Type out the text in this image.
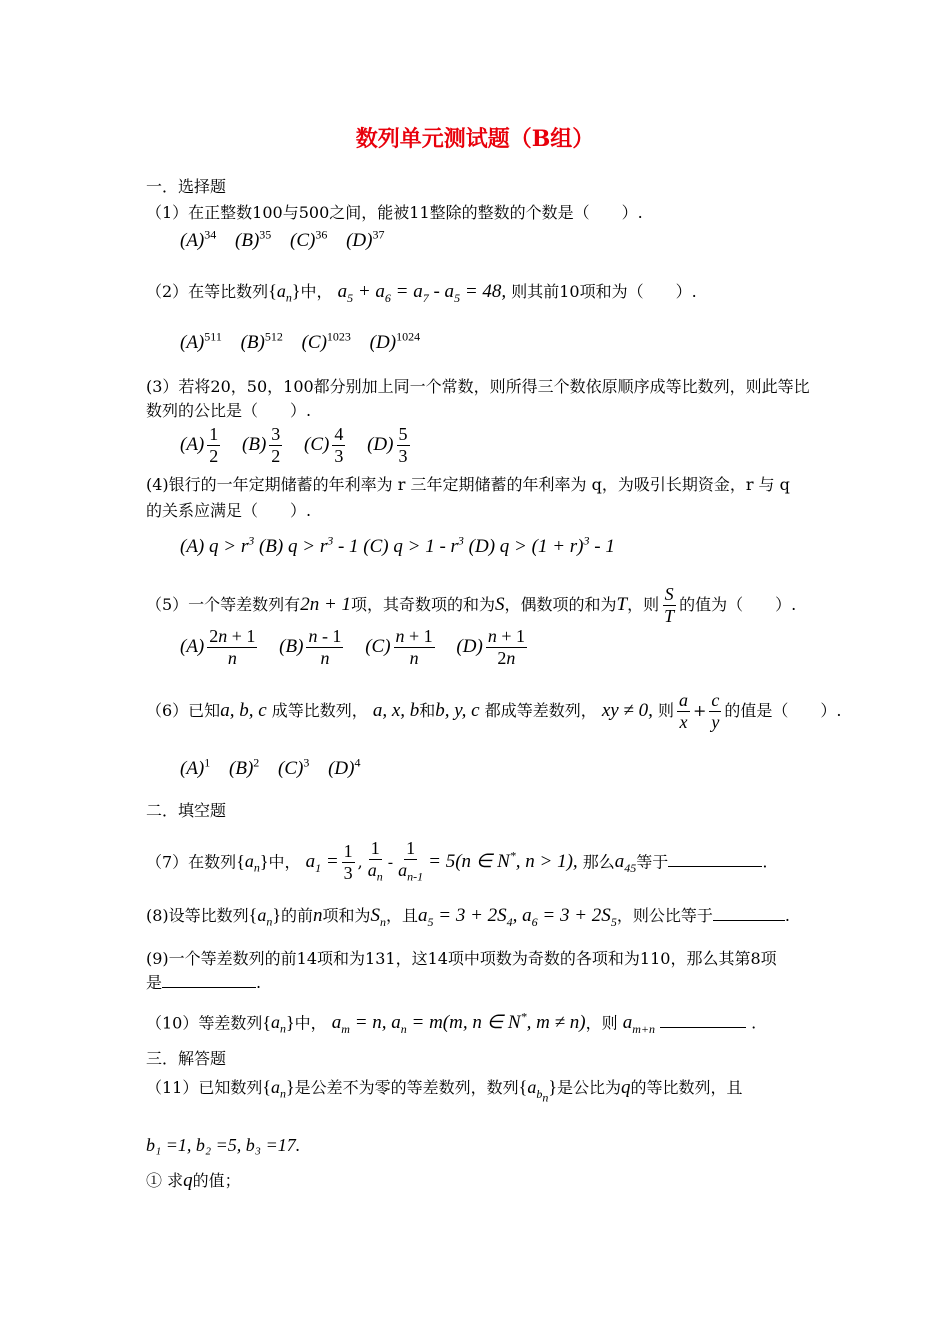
数列单元测试题（B组）
一．选择题
（1）在正整数100与500之间，能被11整除的整数的个数是（　　）.
$(A)^{34}$ $(B)^{35}$ $(C)^{36}$ $(D)^{37}$
（2）在等比数列$\{a_n\}$中， $a_5 + a_6 = a_7 - a_5 = 48$, 则其前10项和为（　　）.
$(A)^{511}$ $(B)^{512}$ $(C)^{1023}$ $(D)^{1024}$
(3）若将20，50，100都分别加上同一个常数，则所得三个数依原顺序成等比数列，则此等比
数列的公比是（　　）.
$(A) \frac{1}{2} (B) \frac{3}{2} (C) \frac{4}{3} (D) \frac{5}{3}$
(4)银行的一年定期储蓄的年利率为 r 三年定期储蓄的年利率为 q，为吸引长期资金，r 与 q
的关系应满足（　　）.
(A) $q > r^3$ (B) $q > r^3 - 1$ (C) $q > 1 - r^3$ (D) $q > (1 + r)^3 - 1$
（5）一个等差数列有2n + 1项，其奇数项的和为S，偶数项的和为T，则 $\frac{S}{T}$ 的值为（　　）.
$(A) \frac{2n + 1}{n} (B) \frac{n - 1}{n} (C) \frac{n + 1}{n} (D) \frac{n + 1}{2n}$
（6）已知a, b, c 成等比数列， a, x, b和b, y, c 都成等差数列， xy ≠ 0, 则 $\frac{a}{x} + \frac{c}{y}$ 的值是（　　）.
$(A)^1$ $(B)^2$ $(C)^3$ $(D)^4$
二．填空题
（7）在数列$\{a_n\}$中， $a_1 = \frac{1}{3}$ , $\frac{1}{a_n} - \frac{1}{a_{n-1}} = 5(n$ ∈ N*, n > 1), 那么$a_{45}$等于	.
(8)设等比数列$\{a_n\}$的前n项和为$S_n$，且$a_5 = 3 + 2S_4$, $a_6 = 3 + 2S_5$，则公比等于	.
(9)一个等差数列的前14项和为131，这14项中项数为奇数的各项和为110，那么其第8项
是	.
（10）等差数列$\{a_n\}$中， $a_m = n$, $a_n = m(m$, n ∈ N*, m ≠ n)，则 $a_{m+n}$	.
三．解答题
（11）已知数列$\{a_n\}$是公差不为零的等差数列，数列$\{a_{b_n}\}$是公比为q的等比数列，且
b₁ =1, b₂ =5, b₃ =17.
① 求q的值；
